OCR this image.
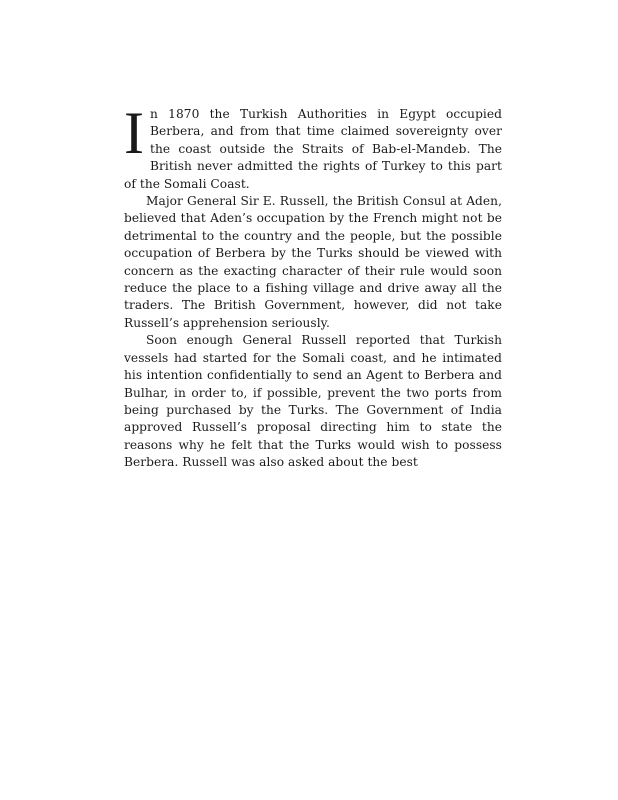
In 1870 the Turkish Authorities in Egypt occupied Berbera, and from that time claimed sovereignty over the coast outside the Straits of Bab-el-Mandeb. The British never admitted the rights of Turkey to this part of the Somali Coast.

Major General Sir E. Russell, the British Consul at Aden, believed that Aden’s occupation by the French might not be detrimental to the country and the people, but the possible occupation of Berbera by the Turks should be viewed with concern as the exacting character of their rule would soon reduce the place to a fishing village and drive away all the traders. The British Government, however, did not take Russell’s apprehension seriously.

Soon enough General Russell reported that Turkish vessels had started for the Somali coast, and he intimated his intention confidentially to send an Agent to Berbera and Bulhar, in order to, if possible, prevent the two ports from being purchased by the Turks. The Government of India approved Russell’s proposal directing him to state the reasons why he felt that the Turks would wish to possess Berbera. Russell was also asked about the best
